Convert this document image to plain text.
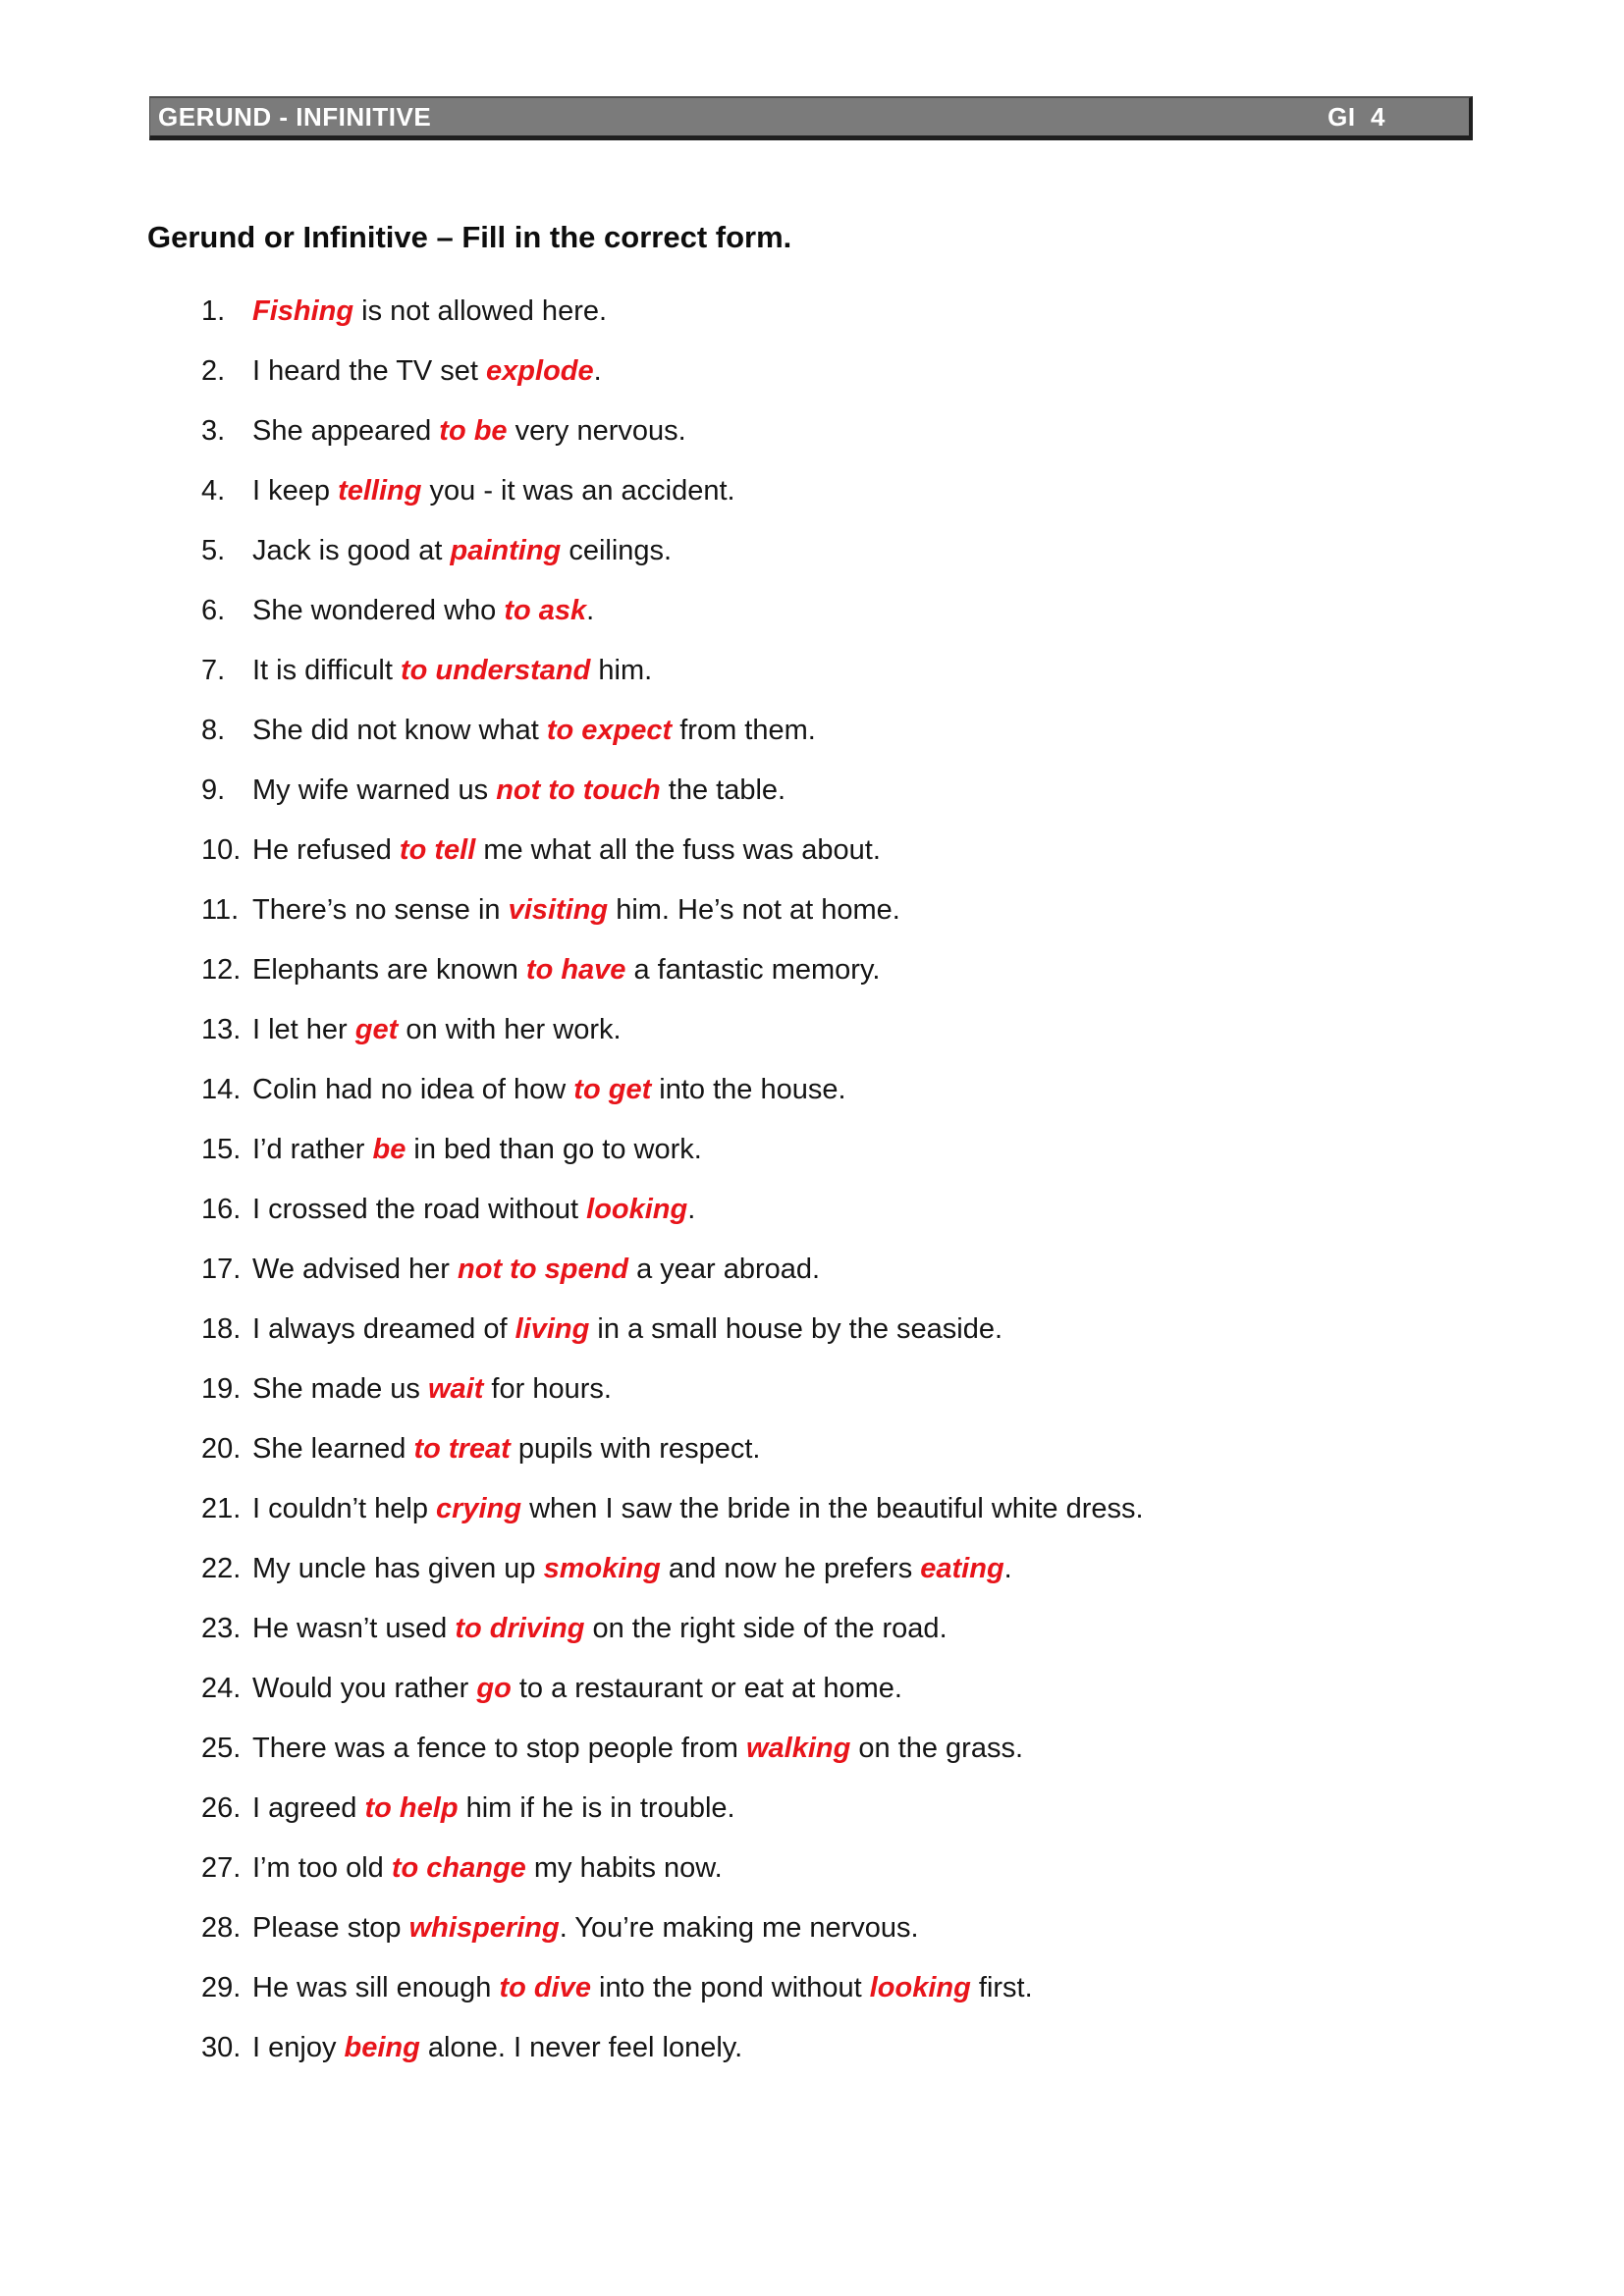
GERUND - INFINITIVE	GI  4
Gerund or Infinitive – Fill in the correct form.
1. Fishing is not allowed here.
2. I heard the TV set explode.
3. She appeared to be very nervous.
4. I keep telling you - it was an accident.
5. Jack is good at painting ceilings.
6. She wondered who to ask.
7. It is difficult to understand him.
8. She did not know what to expect from them.
9. My wife warned us not to touch the table.
10. He refused to tell me what all the fuss was about.
11. There’s no sense in visiting him. He’s not at home.
12. Elephants are known to have a fantastic memory.
13. I let her get on with her work.
14. Colin had no idea of how to get into the house.
15. I’d rather be in bed than go to work.
16. I crossed the road without looking.
17. We advised her not to spend a year abroad.
18. I always dreamed of living in a small house by the seaside.
19. She made us wait for hours.
20. She learned to treat pupils with respect.
21. I couldn’t help crying when I saw the bride in the beautiful white dress.
22. My uncle has given up smoking and now he prefers eating.
23. He wasn’t used to driving on the right side of the road.
24. Would you rather go to a restaurant or eat at home.
25. There was a fence to stop people from walking on the grass.
26. I agreed to help him if he is in trouble.
27. I’m too old to change my habits now.
28. Please stop whispering. You’re making me nervous.
29. He was sill enough to dive into the pond without looking first.
30. I enjoy being alone. I never feel lonely.
